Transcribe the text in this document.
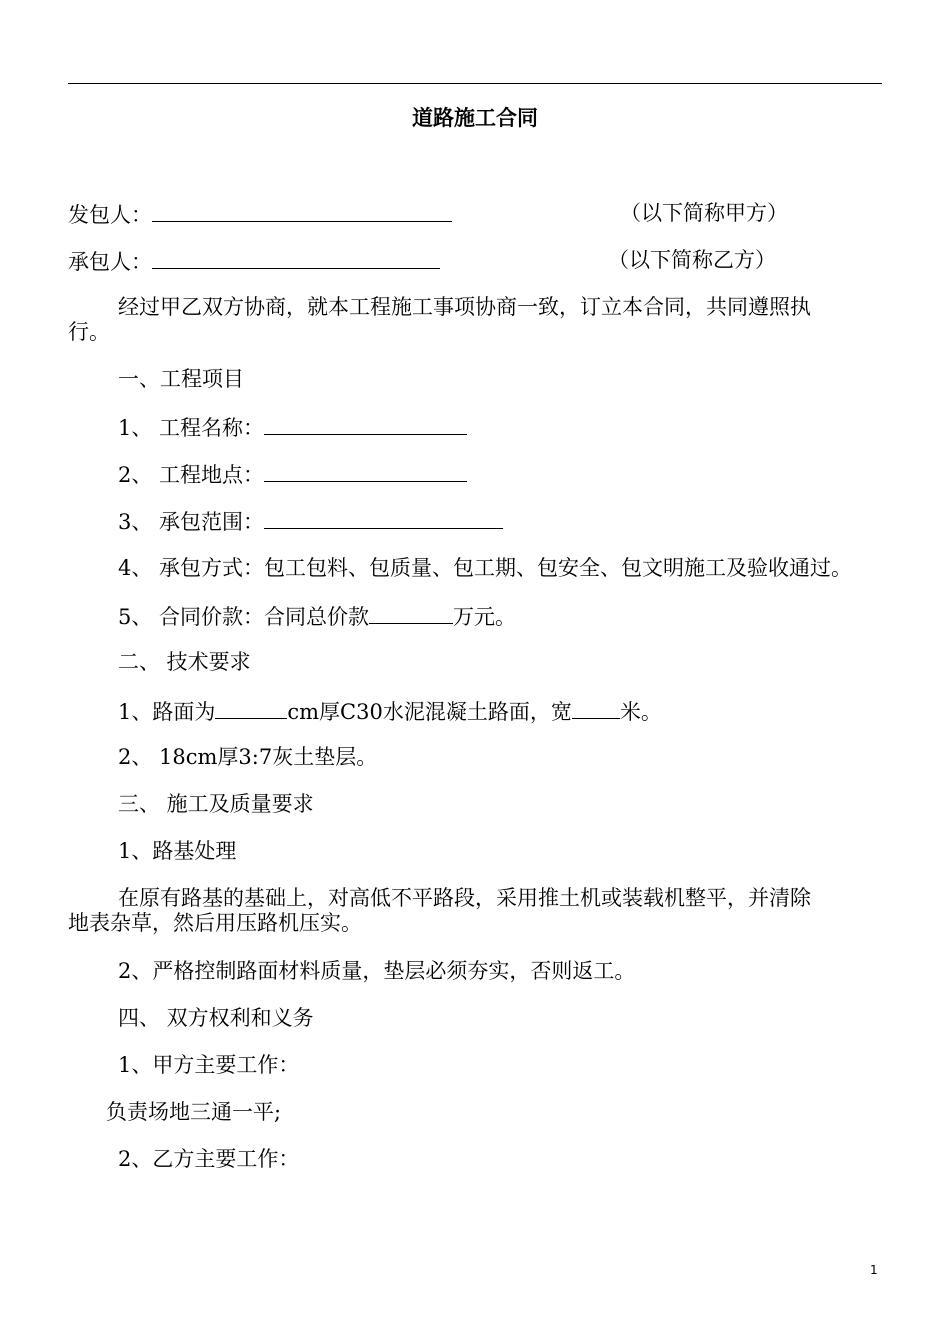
道路施工合同
发包人：	（以下简称甲方）
承包人：	（以下简称乙方）
经过甲乙双方协商，就本工程施工事项协商一致，订立本合同，共同遵照执
行。
一、工程项目
1、 工程名称：
2、 工程地点：
3、 承包范围：
4、 承包方式：包工包料、包质量、包工期、包安全、包文明施工及验收通过。
5、 合同价款：合同总价款	万元。
二、 技术要求
1、路面为	cm厚C30水泥混凝土路面，宽 米。
2、 18cm厚3:7灰土垫层。
三、 施工及质量要求
1、路基处理
在原有路基的基础上，对高低不平路段，采用推土机或装载机整平，并清除
地表杂草，然后用压路机压实。
2、严格控制路面材料质量，垫层必须夯实，否则返工。
四、 双方权利和义务
1、甲方主要工作：
负责场地三通一平;
2、乙方主要工作：
1
